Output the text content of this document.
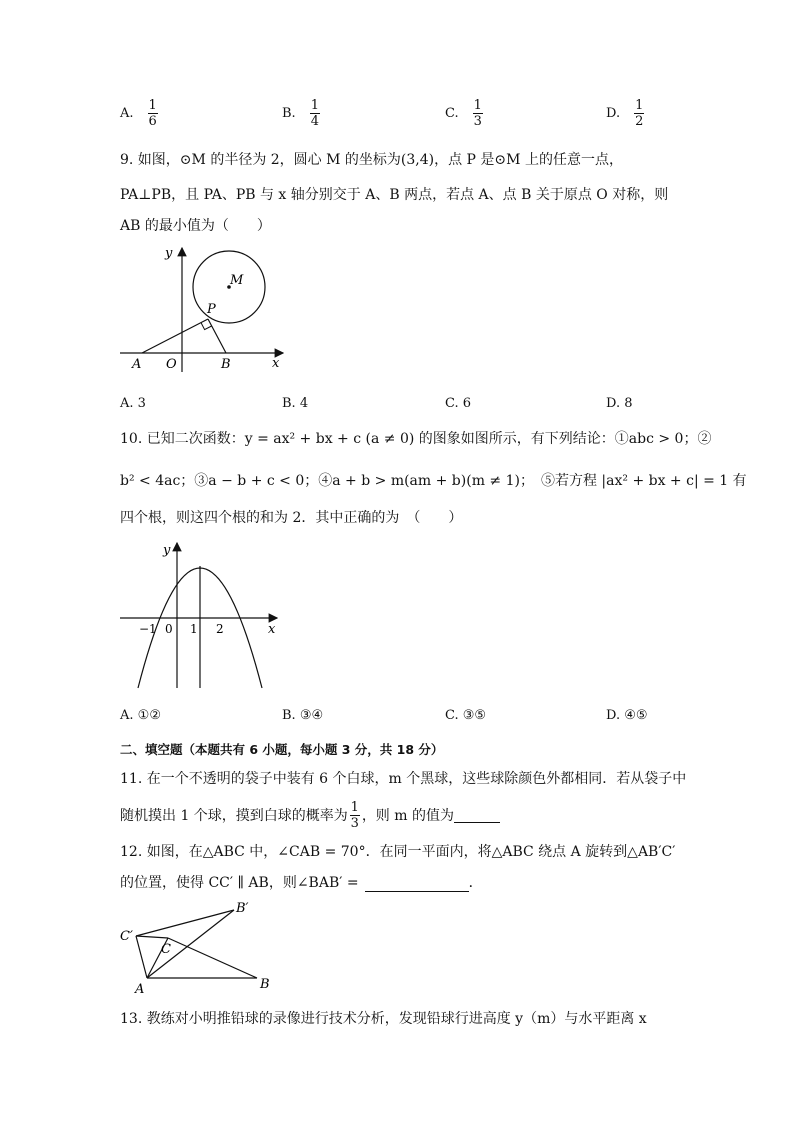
A. $\frac{1}{6}$	B. $\frac{1}{4}$	C. $\frac{1}{3}$	D. $\frac{1}{2}$
9. 如图，⊙M 的半径为 2，圆心 M 的坐标为(3,4)，点 P 是⊙M 上的任意一点，
PA⊥PB，且 PA、PB 与 x 轴分别交于 A、B 两点，若点 A、点 B 关于原点 O 对称，则
AB 的最小值为（　　）
y
x
M
P
A O	B
A. 3	B. 4	C. 6	D. 8
10. 已知二次函数：y = ax² + bx + c (a ≠ 0) 的图象如图所示，有下列结论：①abc > 0；②
b² < 4ac；③a − b + c < 0；④a + b > m(am + b)(m ≠ 1)；　⑤若方程 |ax² + bx + c| = 1 有
四个根，则这四个根的和为 2．其中正确的为　（　　）
y
x
−1 0 1 2
A. ①②	B. ③④	C. ③⑤	D. ④⑤
二、填空题（本题共有 6 小题，每小题 3 分，共 18 分）
11. 在一个不透明的袋子中装有 6 个白球，m 个黑球，这些球除颜色外都相同．若从袋子中
随机摸出 1 个球，摸到白球的概率为 $\frac{1}{3}$ ，则 m 的值为
12. 如图，在△ABC 中，∠CAB = 70°．在同一平面内，将△ABC 绕点 A 旋转到△AB′C′
的位置，使得 CC′ ∥ AB，则∠BAB′ =	．
B′
C′
C
A	B
13. 教练对小明推铅球的录像进行技术分析，发现铅球行进高度 y（m）与水平距离 x
